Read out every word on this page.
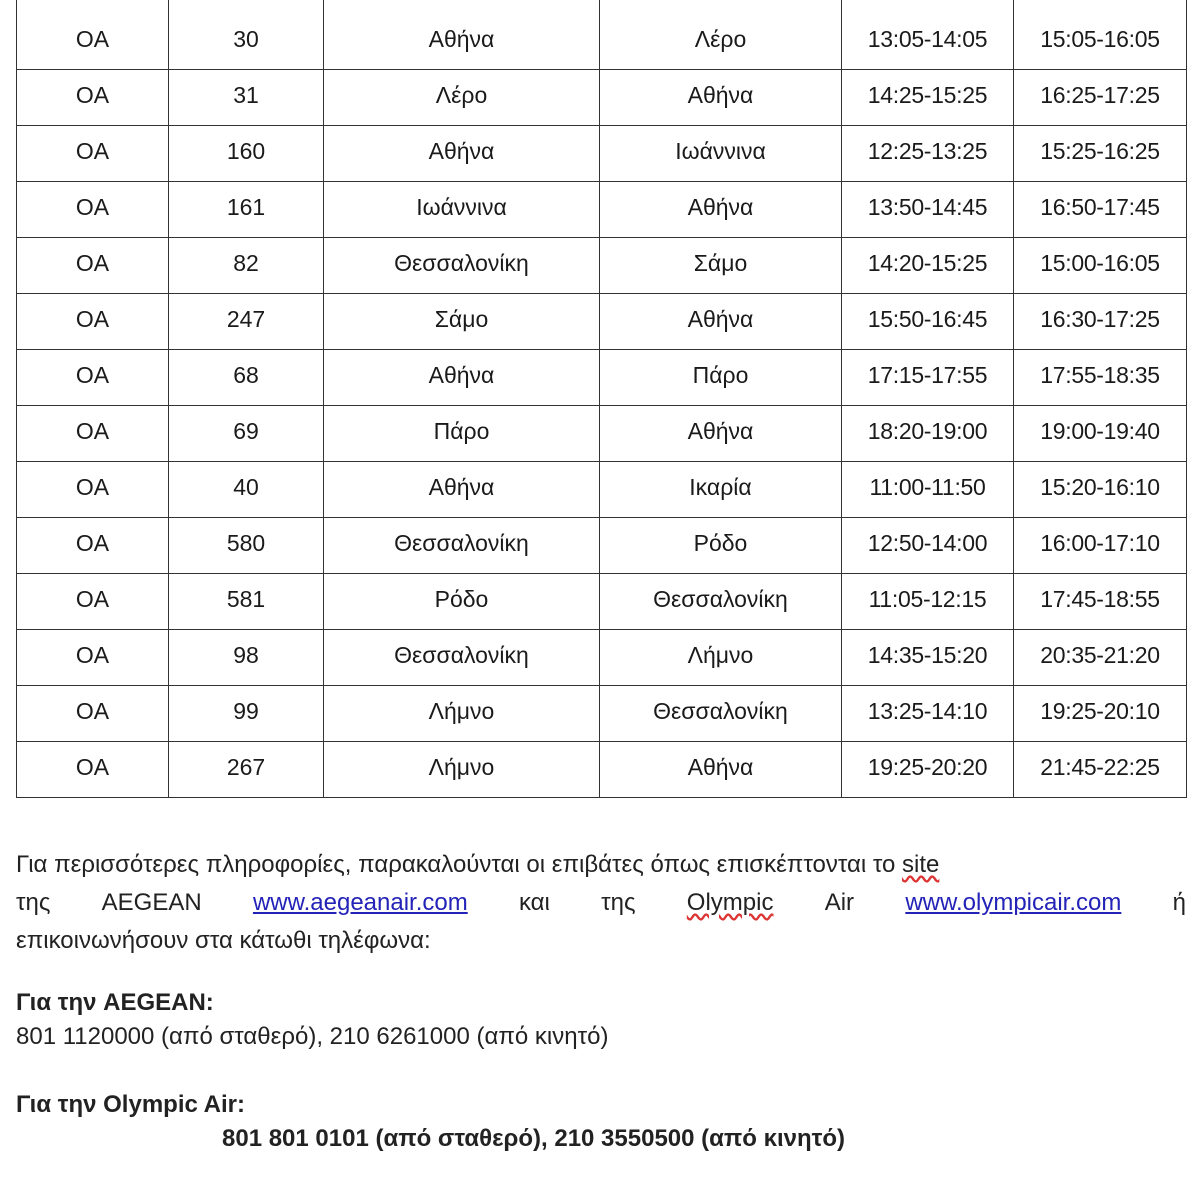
OA	30	Αθήνα	Λέρο	13:05-14:05	15:05-16:05
OA	31	Λέρο	Αθήνα	14:25-15:25	16:25-17:25
OA	160	Αθήνα	Ιωάννινα	12:25-13:25	15:25-16:25
OA	161	Ιωάννινα	Αθήνα	13:50-14:45	16:50-17:45
OA	82	Θεσσαλονίκη	Σάμο	14:20-15:25	15:00-16:05
OA	247	Σάμο	Αθήνα	15:50-16:45	16:30-17:25
OA	68	Αθήνα	Πάρο	17:15-17:55	17:55-18:35
OA	69	Πάρο	Αθήνα	18:20-19:00	19:00-19:40
OA	40	Αθήνα	Ικαρία	11:00-11:50	15:20-16:10
OA	580	Θεσσαλονίκη	Ρόδο	12:50-14:00	16:00-17:10
OA	581	Ρόδο	Θεσσαλονίκη	11:05-12:15	17:45-18:55
OA	98	Θεσσαλονίκη	Λήμνο	14:35-15:20	20:35-21:20
OA	99	Λήμνο	Θεσσαλονίκη	13:25-14:10	19:25-20:10
OA	267	Λήμνο	Αθήνα	19:25-20:20	21:45-22:25
Για περισσότερες πληροφορίες, παρακαλούνται οι επιβάτες όπως επισκέπτονται το
site
της AEGEAN www.aegeanair.com και της Olympic Air www.olympicair.com ή
επικοινωνήσουν στα κάτωθι τηλέφωνα:
Για την AEGEAN:
801 1120000 (από σταθερό), 210 6261000 (από κινητό)
Για την Olympic Air:
801 801 0101 (από σταθερό), 210 3550500 (από κινητό)
